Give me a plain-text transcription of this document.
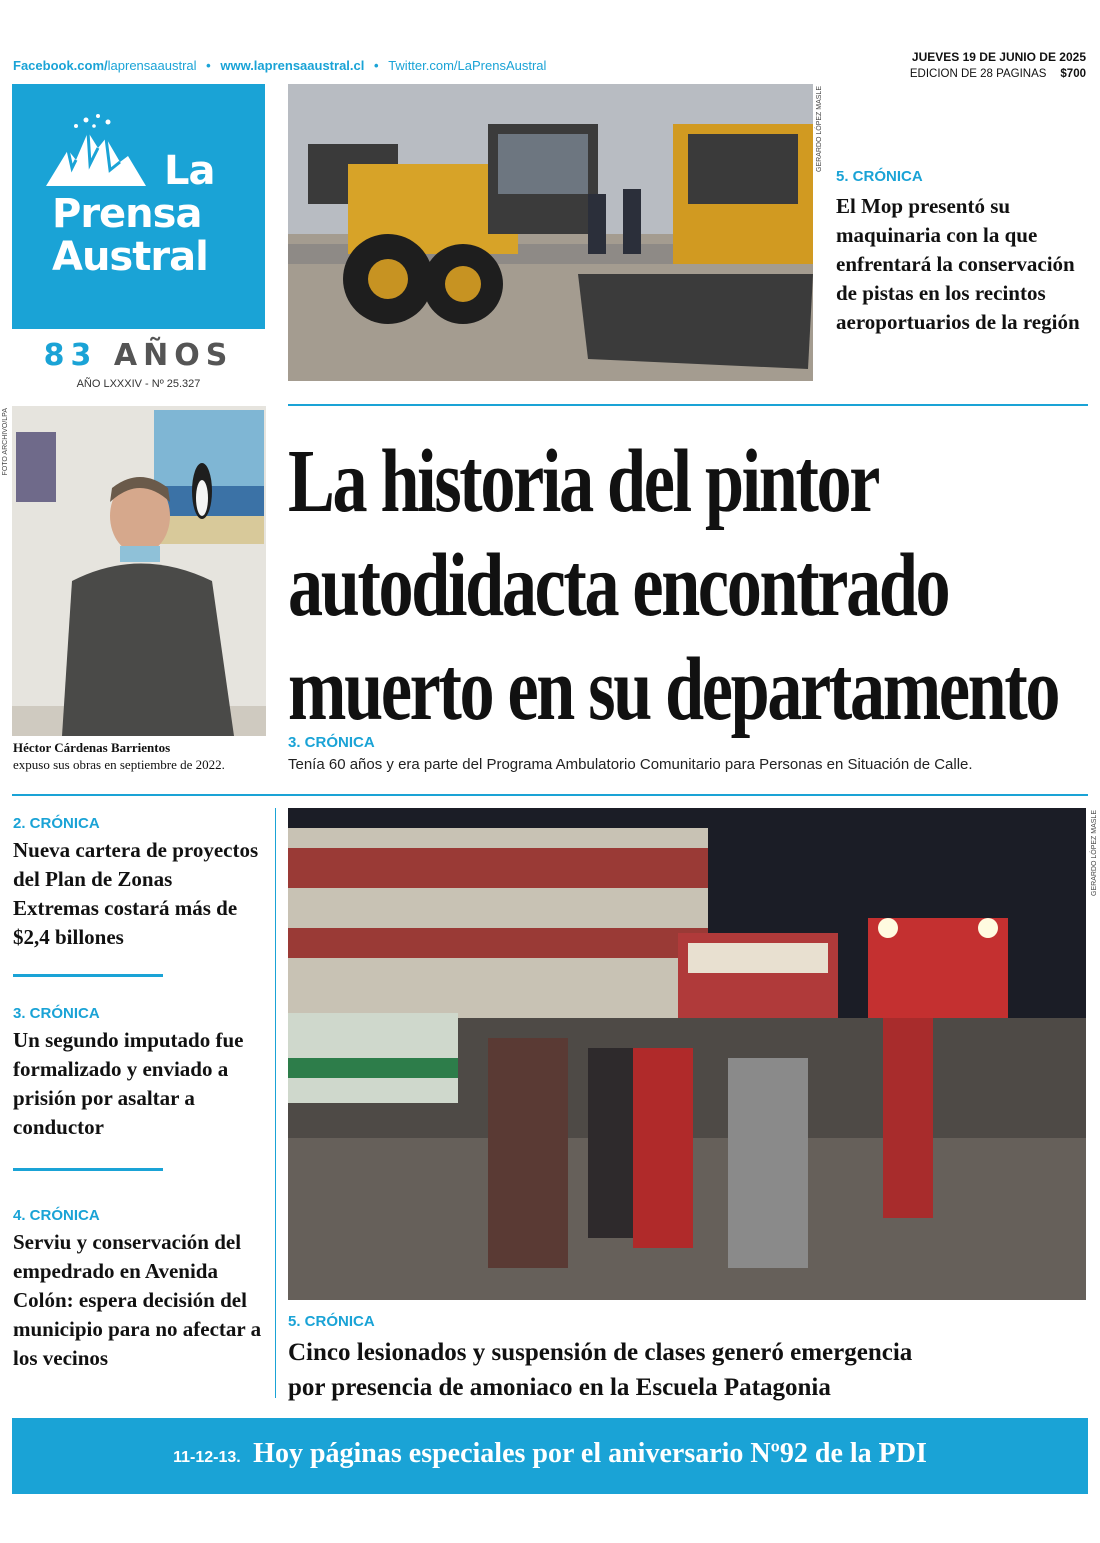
Facebook.com/laprensaaustral • www.laprensaaustral.cl • Twitter.com/LaPrensAustral
JUEVES 19 DE JUNIO DE 2025
EDICION DE 28 PAGINAS $700
La
Prensa
Austral
83 AÑOS
AÑO LXXXIV - Nº 25.327
GERARDO LÓPEZ MASLE
5. CRÓNICA
El Mop presentó su maquinaria con la que enfrentará la conservación de pistas en los recintos aeroportuarios de la región
FOTO ARCHIVO/LPA
Héctor Cárdenas Barrientos
expuso sus obras en septiembre de 2022.
La historia del pintor
autodidacta encontrado
muerto en su departamento
3. CRÓNICA
Tenía 60 años y era parte del Programa Ambulatorio Comunitario para Personas en Situación de Calle.
2. CRÓNICA
Nueva cartera de proyectos del Plan de Zonas Extremas costará más de $2,4 billones
3. CRÓNICA
Un segundo imputado fue formalizado y enviado a prisión por asaltar a conductor
4. CRÓNICA
Serviu y conservación del empedrado en Avenida Colón: espera decisión del municipio para no afectar a los vecinos
GERARDO LÓPEZ MASLE
5. CRÓNICA
Cinco lesionados y suspensión de clases generó emergencia
por presencia de amoniaco en la Escuela Patagonia
11-12-13. Hoy páginas especiales por el aniversario Nº92 de la PDI
